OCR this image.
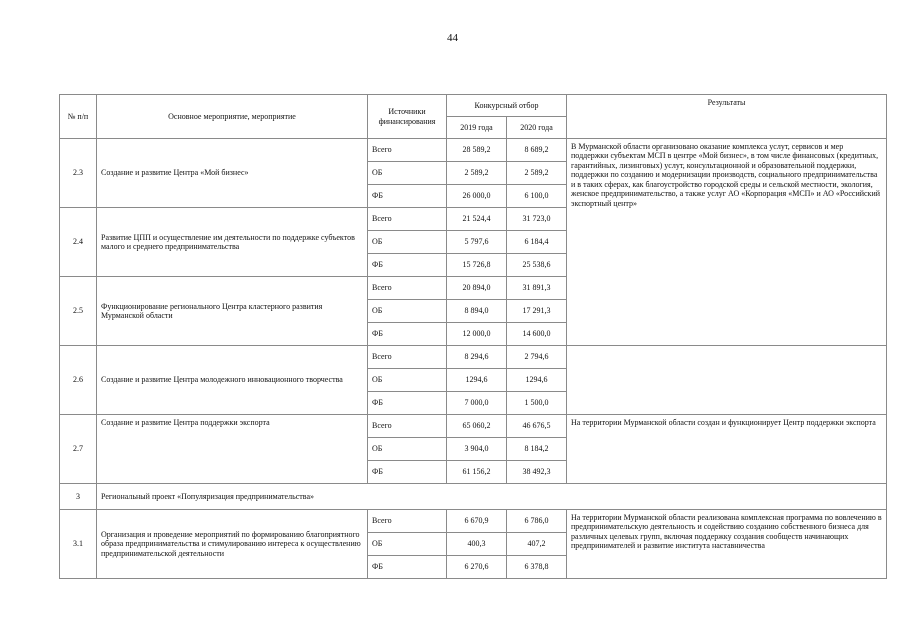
44
№ п/п	Основное мероприятие, мероприятие	Источники финансирования	Конкурсный отбор		Результаты
			2019 года	2020 года	
2.3	Создание и развитие Центра «Мой бизнес»	Всего	28 589,2	8 689,2	В Мурманской области организовано оказание комплекса услут, сервисов и мер поддержки субъектам МСП в центре «Мой бизнес», в том числе финансовых (кредитных, гарантийных, лизинговых) услут, консультационной и образовательной поддержки, поддержки по созданию и модернизации производств, социального предпринимательства и в таких сферах, как благоустройство городской среды и сельской местности, экология, женское предпринимательство, а также услуг АО «Корпорация «МСП» и АО «Российский экспортный центр»
		ОБ	2 589,2	2 589,2	
		ФБ	26 000,0	6 100,0	
2.4	Развитие ЦПП и осуществление им деятельности по поддержке субъектов малого и среднего предпринимательства	Всего	21 524,4	31 723,0	
		ОБ	5 797,6	6 184,4	
		ФБ	15 726,8	25 538,6	
2.5	Функционирование регионального Центра кластерного развития Мурманской области	Всего	20 894,0	31 891,3	
		ОБ	8 894,0	17 291,3	
		ФБ	12 000,0	14 600,0	
2.6	Создание и развитие Центра молодежного инновационного творчества	Всего	8 294,6	2 794,6	
		ОБ	1294,6	1294,6	
		ФБ	7 000,0	1 500,0	
2.7	Создание и развитие Центра поддержки экспорта	Всего	65 060,2	46 676,5	На территории Мурманской области создан и функционирует Центр поддержки экспорта
		ОБ	3 904,0	8 184,2	
		ФБ	61 156,2	38 492,3	
3	Региональный проект «Популяризация предпринимательства»				
3.1	Организация и проведение мероприятий по формированию благоприятного образа предпринимательства и стимулированию интереса к осуществлению предпринимательской деятельности	Всего	6 670,9	6 786,0	На территории Мурманской области реализована комплексная программа по вовлечению в предпринимательскую деятельность и содействию созданию собственного бизнеса для различных целевых групп, включая поддержку создания сообществ начинающих предпринимателей и развитие института наставничества
		ОБ	400,3	407,2	
		ФБ	6 270,6	6 378,8	
